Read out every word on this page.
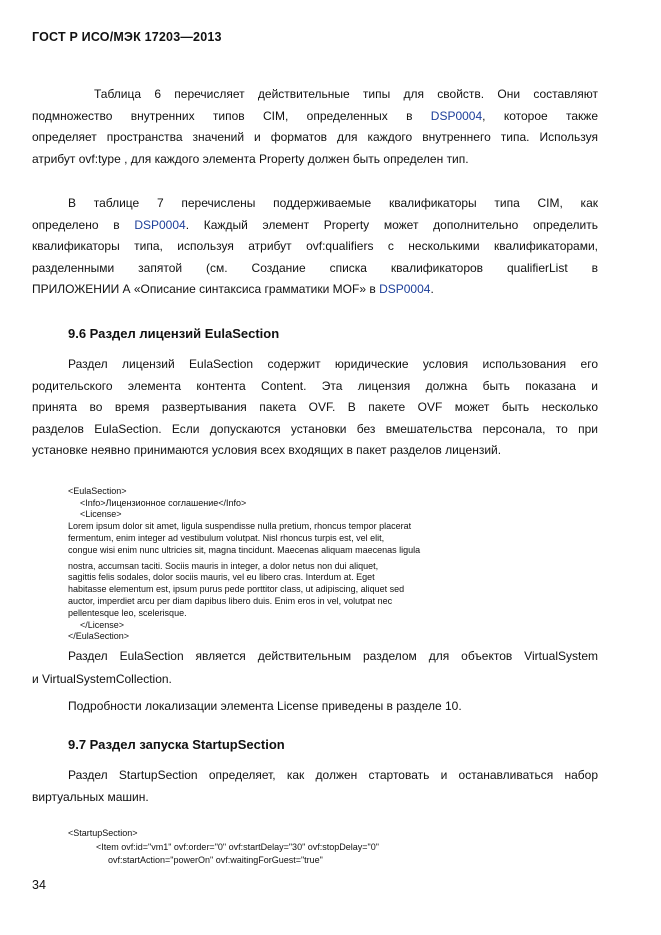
ГОСТ Р ИСО/МЭК 17203—2013
Таблица 6 перечисляет действительные типы для свойств. Они составляют
подмножество внутренних типов CIM, определенных в DSP0004, которое также
определяет пространства значений и форматов для каждого внутреннего типа. Используя
атрибут ovf:type , для каждого элемента Property должен быть определен тип.
В таблице 7 перечислены поддерживаемые квалификаторы типа CIM, как
определено в DSP0004. Каждый элемент Property может дополнительно определить
квалификаторы типа, используя атрибут ovf:qualifiers с несколькими квалификаторами,
разделенными запятой (см. Создание списка квалификаторов qualifierList в
ПРИЛОЖЕНИИ А «Описание синтаксиса грамматики MOF» в DSP0004.
9.6 Раздел лицензий EulaSection
Раздел лицензий EulaSection содержит юридические условия использования его
родительского элемента контента Content. Эта лицензия должна быть показана и
принята во время развертывания пакета OVF. В пакете OVF может быть несколько
разделов EulaSection. Если допускаются установки без вмешательства персонала, то при
установке неявно принимаются условия всех входящих в пакет разделов лицензий.

<EulaSection>
<Info>Лицензионное соглашение</Info>
<License>
Lorem ipsum dolor sit amet, ligula suspendisse nulla pretium, rhoncus tempor placerat
fermentum, enim integer ad vestibulum volutpat. Nisl rhoncus turpis est, vel elit,
congue wisi enim nunc ultricies sit, magna tincidunt. Maecenas aliquam maecenas ligula
nostra, accumsan taciti. Sociis mauris in integer, a dolor netus non dui aliquet,
sagittis felis sodales, dolor sociis mauris, vel eu libero cras. Interdum at. Eget
habitasse elementum est, ipsum purus pede porttitor class, ut adipiscing, aliquet sed
auctor, imperdiet arcu per diam dapibus libero duis. Enim eros in vel, volutpat nec
pellentesque leo, scelerisque.
</License>
</EulaSection>

Раздел EulaSection является действительным разделом для объектов VirtualSystem
и VirtualSystemCollection.
Подробности локализации элемента License приведены в разделе 10.
9.7 Раздел запуска StartupSection
Раздел StartupSection определяет, как должен стартовать и останавливаться набор
виртуальных машин.

<StartupSection>
<Item ovf:id="vm1" ovf:order="0" ovf:startDelay="30" ovf:stopDelay="0"
ovf:startAction="powerOn" ovf:waitingForGuest="true"

34
